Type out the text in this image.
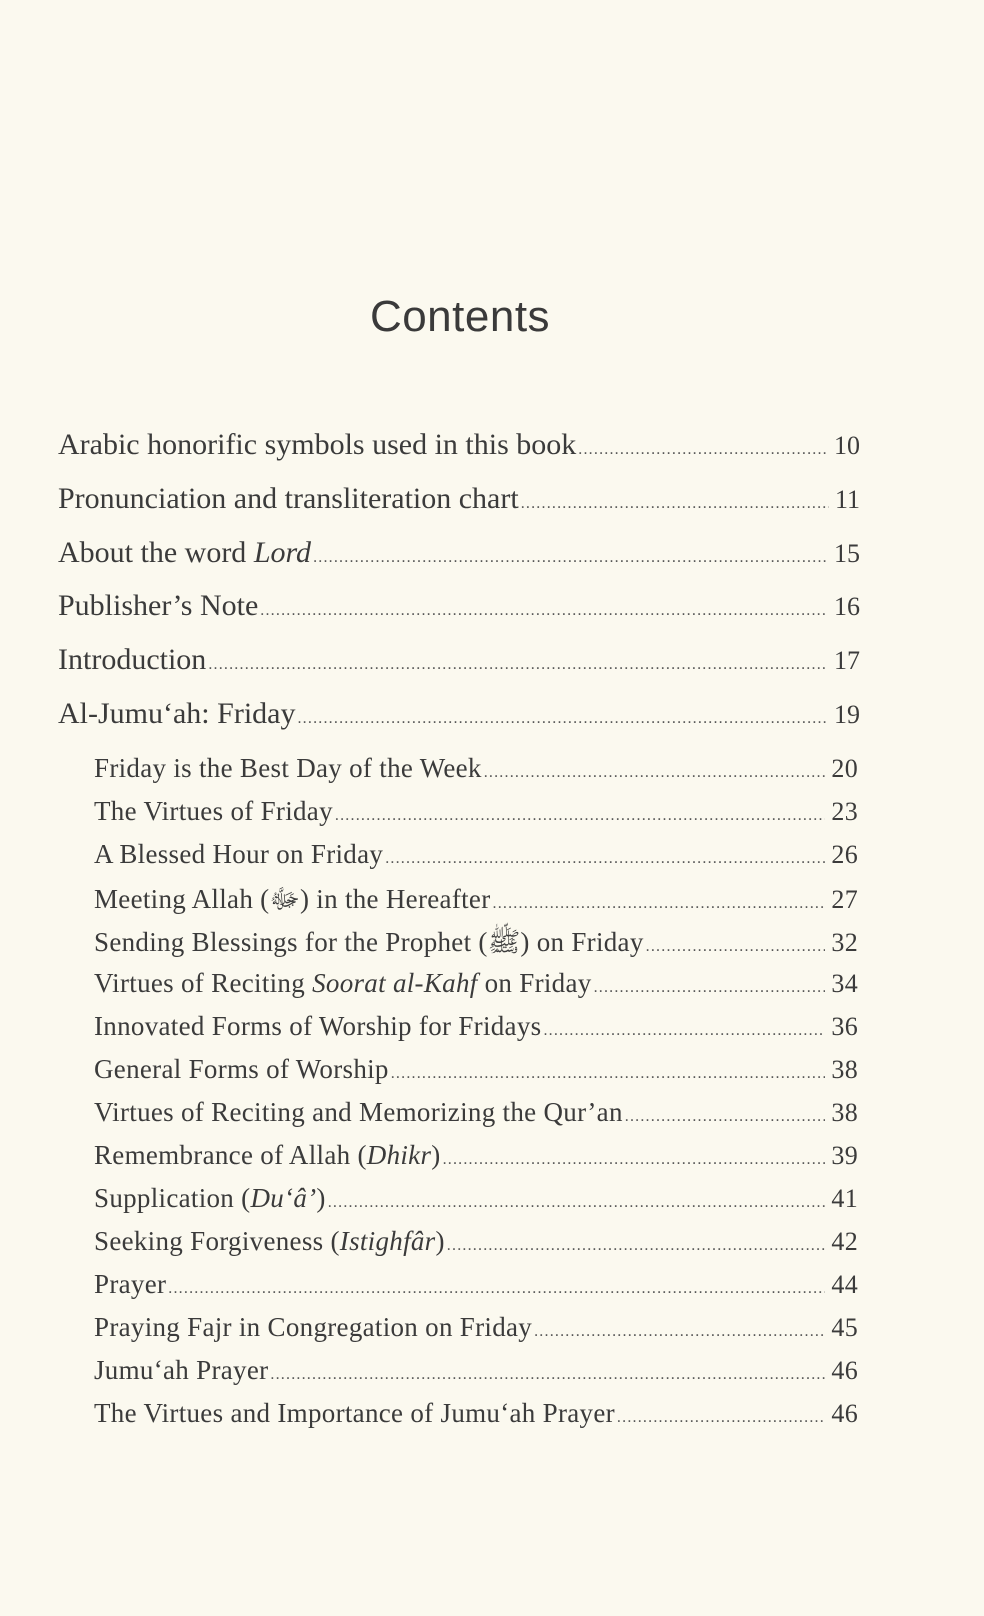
Contents
Arabic honorific symbols used in this book .....	10
Pronunciation and transliteration chart .....	11
About the word Lord .....	15
Publisher’s Note .....	16
Introduction .....	17
Al-Jumu‘ah: Friday .....	19
Friday is the Best Day of the Week .....	20
The Virtues of Friday .....	23
A Blessed Hour on Friday .....	26
Meeting Allah (ﷻ) in the Hereafter .....	27
Sending Blessings for the Prophet (ﷺ) on Friday .....	32
Virtues of Reciting Soorat al-Kahf on Friday .....	34
Innovated Forms of Worship for Fridays .....	36
General Forms of Worship .....	38
Virtues of Reciting and Memorizing the Qur’an .....	38
Remembrance of Allah (Dhikr) .....	39
Supplication (Du‘â’) .....	41
Seeking Forgiveness (Istighfâr) .....	42
Prayer .....	44
Praying Fajr in Congregation on Friday .....	45
Jumu‘ah Prayer .....	46
The Virtues and Importance of Jumu‘ah Prayer .....	46
